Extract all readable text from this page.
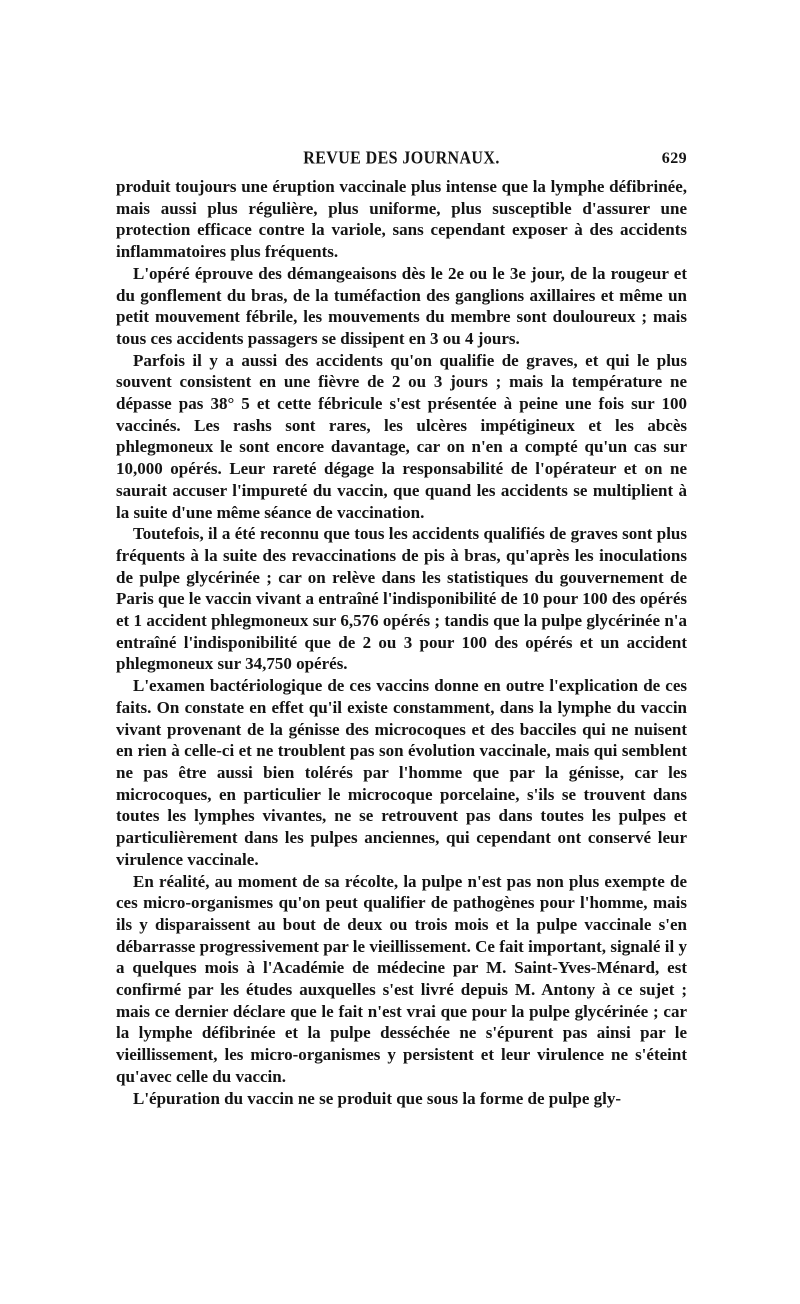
REVUE DES JOURNAUX.	629

produit toujours une éruption vaccinale plus intense que la lymphe défibrinée, mais aussi plus régulière, plus uniforme, plus susceptible d'assurer une protection efficace contre la variole, sans cependant exposer à des accidents inflammatoires plus fréquents.

L'opéré éprouve des démangeaisons dès le 2e ou le 3e jour, de la rougeur et du gonflement du bras, de la tuméfaction des ganglions axillaires et même un petit mouvement fébrile, les mouvements du membre sont douloureux ; mais tous ces accidents passagers se dissipent en 3 ou 4 jours.

Parfois il y a aussi des accidents qu'on qualifie de graves, et qui le plus souvent consistent en une fièvre de 2 ou 3 jours ; mais la température ne dépasse pas 38° 5 et cette fébricule s'est présentée à peine une fois sur 100 vaccinés. Les rashs sont rares, les ulcères impétigineux et les abcès phlegmoneux le sont encore davantage, car on n'en a compté qu'un cas sur 10,000 opérés. Leur rareté dégage la responsabilité de l'opérateur et on ne saurait accuser l'impureté du vaccin, que quand les accidents se multiplient à la suite d'une même séance de vaccination.

Toutefois, il a été reconnu que tous les accidents qualifiés de graves sont plus fréquents à la suite des revaccinations de pis à bras, qu'après les inoculations de pulpe glycérinée ; car on relève dans les statistiques du gouvernement de Paris que le vaccin vivant a entraîné l'indisponibilité de 10 pour 100 des opérés et 1 accident phlegmoneux sur 6,576 opérés ; tandis que la pulpe glycérinée n'a entraîné l'indisponibilité que de 2 ou 3 pour 100 des opérés et un accident phlegmoneux sur 34,750 opérés.

L'examen bactériologique de ces vaccins donne en outre l'explication de ces faits. On constate en effet qu'il existe constamment, dans la lymphe du vaccin vivant provenant de la génisse des microcoques et des bacciles qui ne nuisent en rien à celle-ci et ne troublent pas son évolution vaccinale, mais qui semblent ne pas être aussi bien tolérés par l'homme que par la génisse, car les microcoques, en particulier le microcoque porcelaine, s'ils se trouvent dans toutes les lymphes vivantes, ne se retrouvent pas dans toutes les pulpes et particulièrement dans les pulpes anciennes, qui cependant ont conservé leur virulence vaccinale.

En réalité, au moment de sa récolte, la pulpe n'est pas non plus exempte de ces micro-organismes qu'on peut qualifier de pathogènes pour l'homme, mais ils y disparaissent au bout de deux ou trois mois et la pulpe vaccinale s'en débarrasse progressivement par le vieillissement. Ce fait important, signalé il y a quelques mois à l'Académie de médecine par M. Saint-Yves-Ménard, est confirmé par les études auxquelles s'est livré depuis M. Antony à ce sujet ; mais ce dernier déclare que le fait n'est vrai que pour la pulpe glycérinée ; car la lymphe défibrinée et la pulpe desséchée ne s'épurent pas ainsi par le vieillissement, les micro-organismes y persistent et leur virulence ne s'éteint qu'avec celle du vaccin.

L'épuration du vaccin ne se produit que sous la forme de pulpe gly-
